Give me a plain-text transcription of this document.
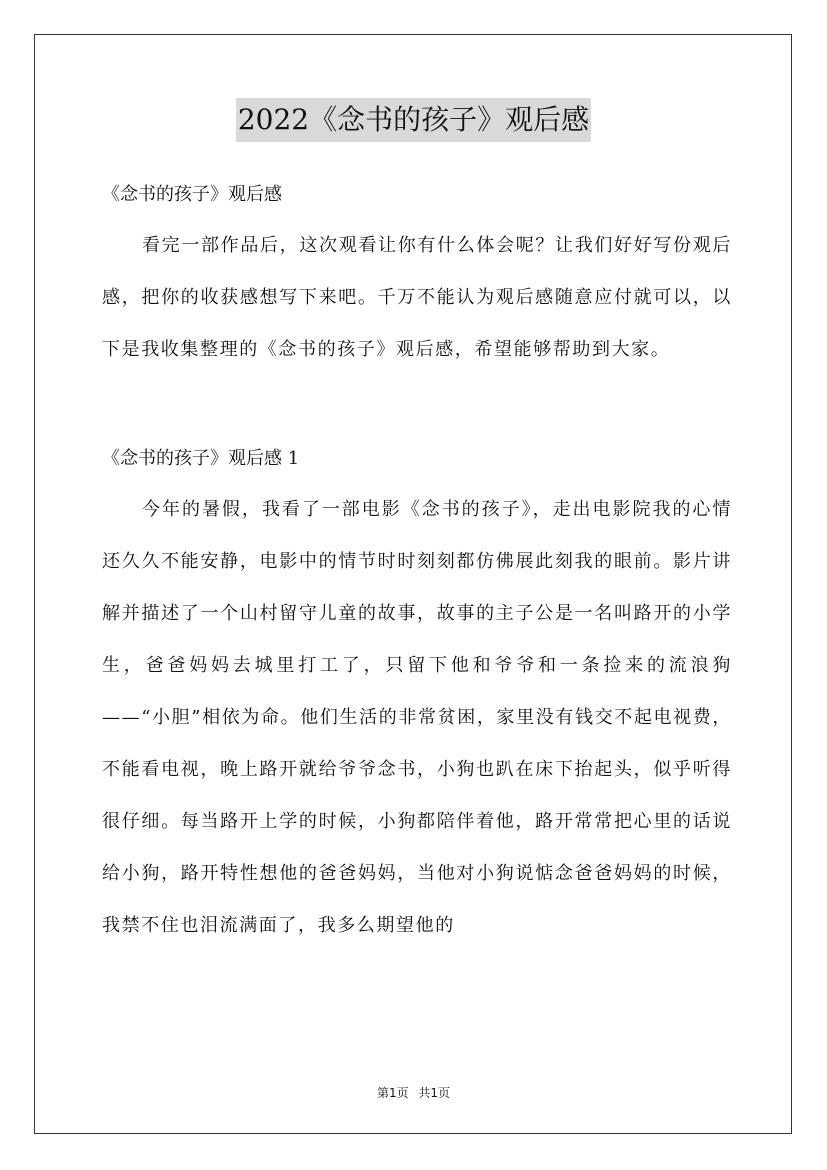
2022《念书的孩子》观后感

《念书的孩子》观后感

看完一部作品后，这次观看让你有什么体会呢？让我们好好写份观后感，把你的收获感想写下来吧。千万不能认为观后感随意应付就可以，以下是我收集整理的《念书的孩子》观后感，希望能够帮助到大家。

《念书的孩子》观后感 1

今年的暑假，我看了一部电影《念书的孩子》，走出电影院我的心情还久久不能安静，电影中的情节时时刻刻都仿佛展此刻我的眼前。影片讲解并描述了一个山村留守儿童的故事，故事的主子公是一名叫路开的小学生，爸爸妈妈去城里打工了，只留下他和爷爷和一条捡来的流浪狗——“小胆”相依为命。他们生活的非常贫困，家里没有钱交不起电视费，不能看电视，晚上路开就给爷爷念书，小狗也趴在床下抬起头，似乎听得很仔细。每当路开上学的时候，小狗都陪伴着他，路开常常把心里的话说给小狗，路开特性想他的爸爸妈妈，当他对小狗说惦念爸爸妈妈的时候，我禁不住也泪流满面了，我多么期望他的

第1页 共1页
